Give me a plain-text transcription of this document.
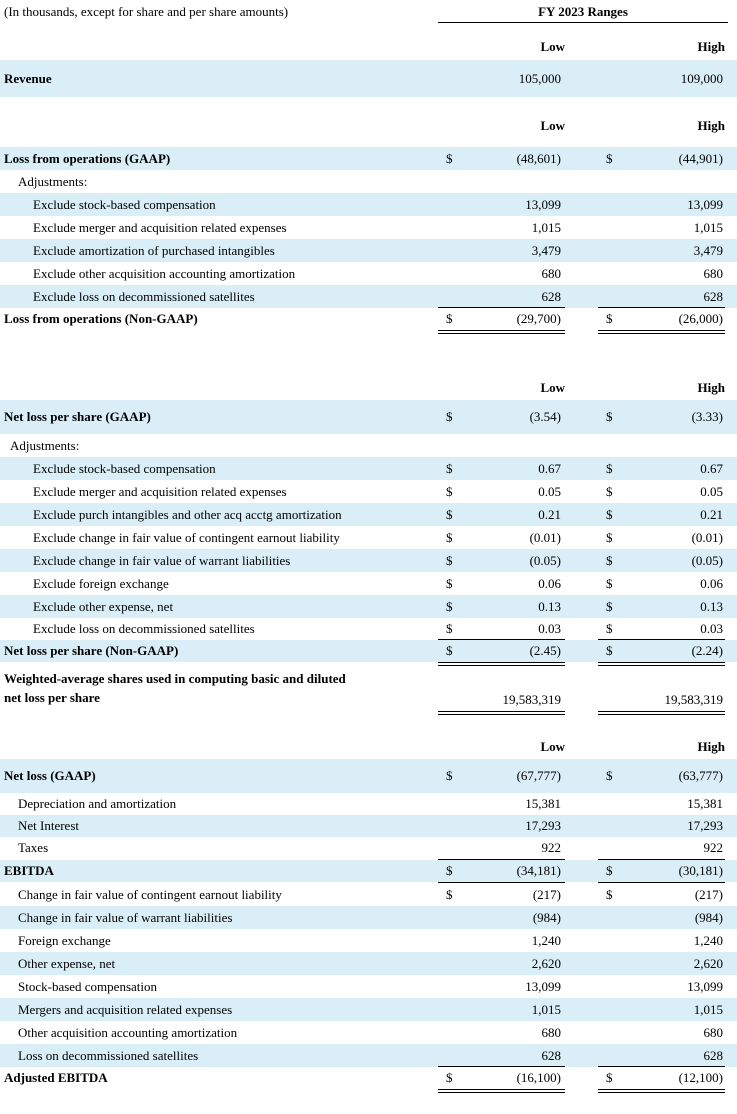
(In thousands, except for share and per share amounts)	FY 2023 Ranges
Low	High
Revenue	105,000	109,000
Low	High
Loss from operations (GAAP)	$	(48,601)	$	(44,901)
Adjustments:
Exclude stock-based compensation	13,099	13,099
Exclude merger and acquisition related expenses	1,015	1,015
Exclude amortization of purchased intangibles	3,479	3,479
Exclude other acquisition accounting amortization	680	680
Exclude loss on decommissioned satellites	628	628
Loss from operations (Non-GAAP)	$	(29,700)	$	(26,000)
Low	High
Net loss per share (GAAP)	$	(3.54)	$	(3.33)
Adjustments:
Exclude stock-based compensation	$	0.67	$	0.67
Exclude merger and acquisition related expenses	$	0.05	$	0.05
Exclude purch intangibles and other acq acctg amortization	$	0.21	$	0.21
Exclude change in fair value of contingent earnout liability	$	(0.01)	$	(0.01)
Exclude change in fair value of warrant liabilities	$	(0.05)	$	(0.05)
Exclude foreign exchange	$	0.06	$	0.06
Exclude other expense, net	$	0.13	$	0.13
Exclude loss on decommissioned satellites	$	0.03	$	0.03
Net loss per share (Non-GAAP)	$	(2.45)	$	(2.24)
Weighted-average shares used in computing basic and diluted
net loss per share	19,583,319	19,583,319
Low	High
Net loss (GAAP)	$	(67,777)	$	(63,777)
Depreciation and amortization	15,381	15,381
Net Interest	17,293	17,293
Taxes	922	922
EBITDA	$	(34,181)	$	(30,181)
Change in fair value of contingent earnout liability	$	(217)	$	(217)
Change in fair value of warrant liabilities	(984)	(984)
Foreign exchange	1,240	1,240
Other expense, net	2,620	2,620
Stock-based compensation	13,099	13,099
Mergers and acquisition related expenses	1,015	1,015
Other acquisition accounting amortization	680	680
Loss on decommissioned satellites	628	628
Adjusted EBITDA	$	(16,100)	$	(12,100)
